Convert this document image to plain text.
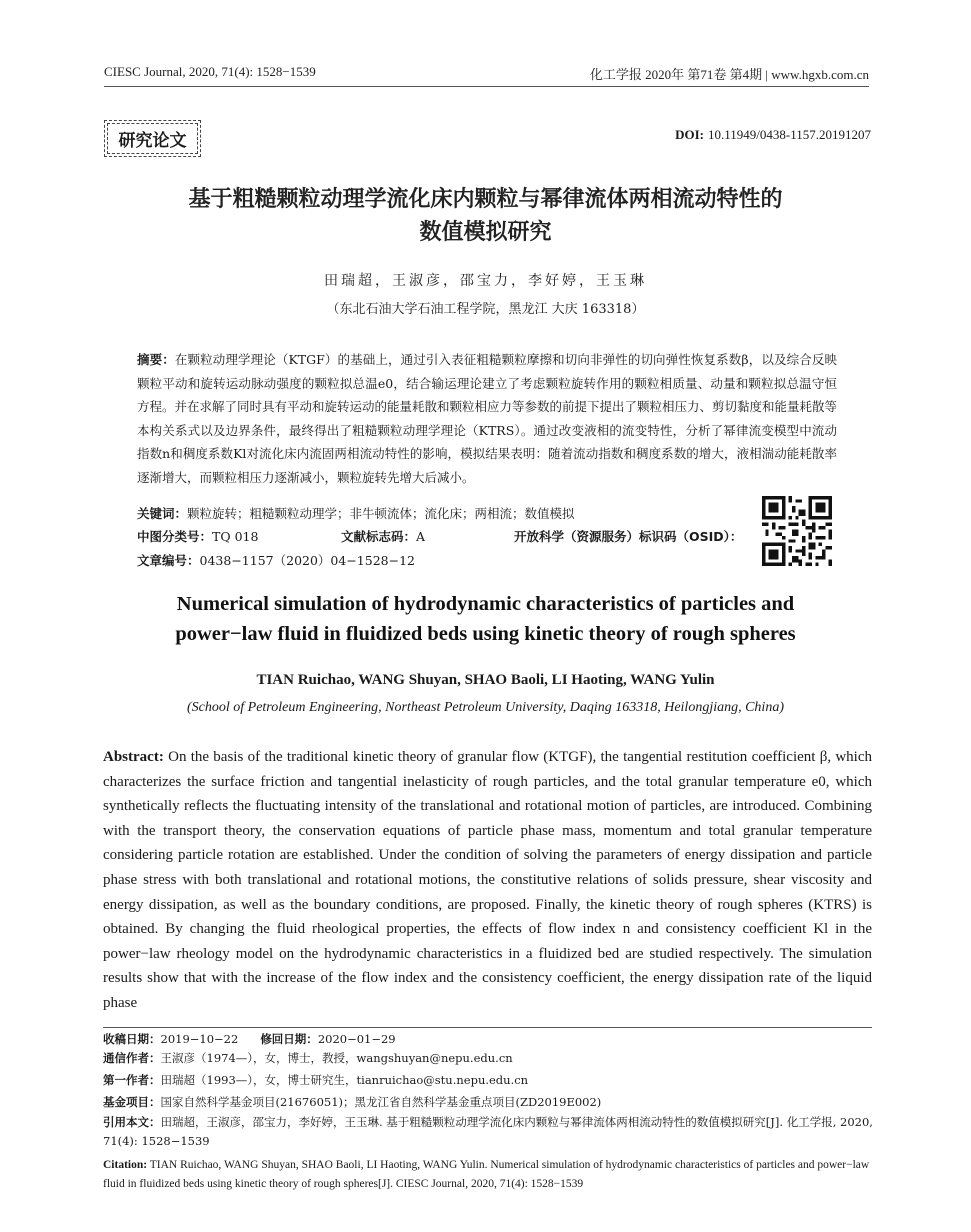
CIESC Journal, 2020, 71(4): 1528−1539	化工学报 2020年 第71卷 第4期 | www.hgxb.com.cn
研究论文	DOI: 10.11949/0438-1157.20191207
基于粗糙颗粒动理学流化床内颗粒与幂律流体两相流动特性的
数值模拟研究
田瑞超，王淑彦，邵宝力，李好婷，王玉琳
（东北石油大学石油工程学院，黑龙江 大庆 163318）
摘要：在颗粒动理学理论（KTGF）的基础上，通过引入表征粗糙颗粒摩擦和切向非弹性的切向弹性恢复系数β，以及综合反映颗粒平动和旋转运动脉动强度的颗粒拟总温e0，结合输运理论建立了考虑颗粒旋转作用的颗粒相质量、动量和颗粒拟总温守恒方程。并在求解了同时具有平动和旋转运动的能量耗散和颗粒相应力等参数的前提下提出了颗粒相压力、剪切黏度和能量耗散等本构关系式以及边界条件，最终得出了粗糙颗粒动理学理论（KTRS）。通过改变液相的流变特性，分析了幂律流变模型中流动指数n和稠度系数Kl对流化床内流固两相流动特性的影响，模拟结果表明：随着流动指数和稠度系数的增大，液相湍动能耗散率逐渐增大，而颗粒相压力逐渐减小，颗粒旋转先增大后减小。
关键词：颗粒旋转；粗糙颗粒动理学；非牛顿流体；流化床；两相流；数值模拟
中图分类号：TQ 018	文献标志码：A	开放科学（资源服务）标识码（OSID）：
文章编号：0438−1157（2020）04−1528−12
Numerical simulation of hydrodynamic characteristics of particles and
power−law fluid in fluidized beds using kinetic theory of rough spheres
TIAN Ruichao, WANG Shuyan, SHAO Baoli, LI Haoting, WANG Yulin
(School of Petroleum Engineering, Northeast Petroleum University, Daqing 163318, Heilongjiang, China)
Abstract: On the basis of the traditional kinetic theory of granular flow (KTGF), the tangential restitution coefficient β, which characterizes the surface friction and tangential inelasticity of rough particles, and the total granular temperature e0, which synthetically reflects the fluctuating intensity of the translational and rotational motion of particles, are introduced. Combining with the transport theory, the conservation equations of particle phase mass, momentum and total granular temperature considering particle rotation are established. Under the condition of solving the parameters of energy dissipation and particle phase stress with both translational and rotational motions, the constitutive relations of solids pressure, shear viscosity and energy dissipation, as well as the boundary conditions, are proposed. Finally, the kinetic theory of rough spheres (KTRS) is obtained. By changing the fluid rheological properties, the effects of flow index n and consistency coefficient Kl in the power−law rheology model on the hydrodynamic characteristics in a fluidized bed are studied respectively. The simulation results show that with the increase of the flow index and the consistency coefficient, the energy dissipation rate of the liquid phase
收稿日期：2019−10−22 修回日期：2020−01−29
通信作者：王淑彦（1974—），女，博士，教授，wangshuyan@nepu.edu.cn
第一作者：田瑞超（1993—），女，博士研究生，tianruichao@stu.nepu.edu.cn
基金项目：国家自然科学基金项目(21676051)；黑龙江省自然科学基金重点项目(ZD2019E002)
引用本文：田瑞超，王淑彦，邵宝力，李好婷，王玉琳. 基于粗糙颗粒动理学流化床内颗粒与幂律流体两相流动特性的数值模拟研究[J]. 化工学报, 2020, 71(4): 1528−1539
Citation: TIAN Ruichao, WANG Shuyan, SHAO Baoli, LI Haoting, WANG Yulin. Numerical simulation of hydrodynamic characteristics of particles and power−law fluid in fluidized beds using kinetic theory of rough spheres[J]. CIESC Journal, 2020, 71(4): 1528−1539
